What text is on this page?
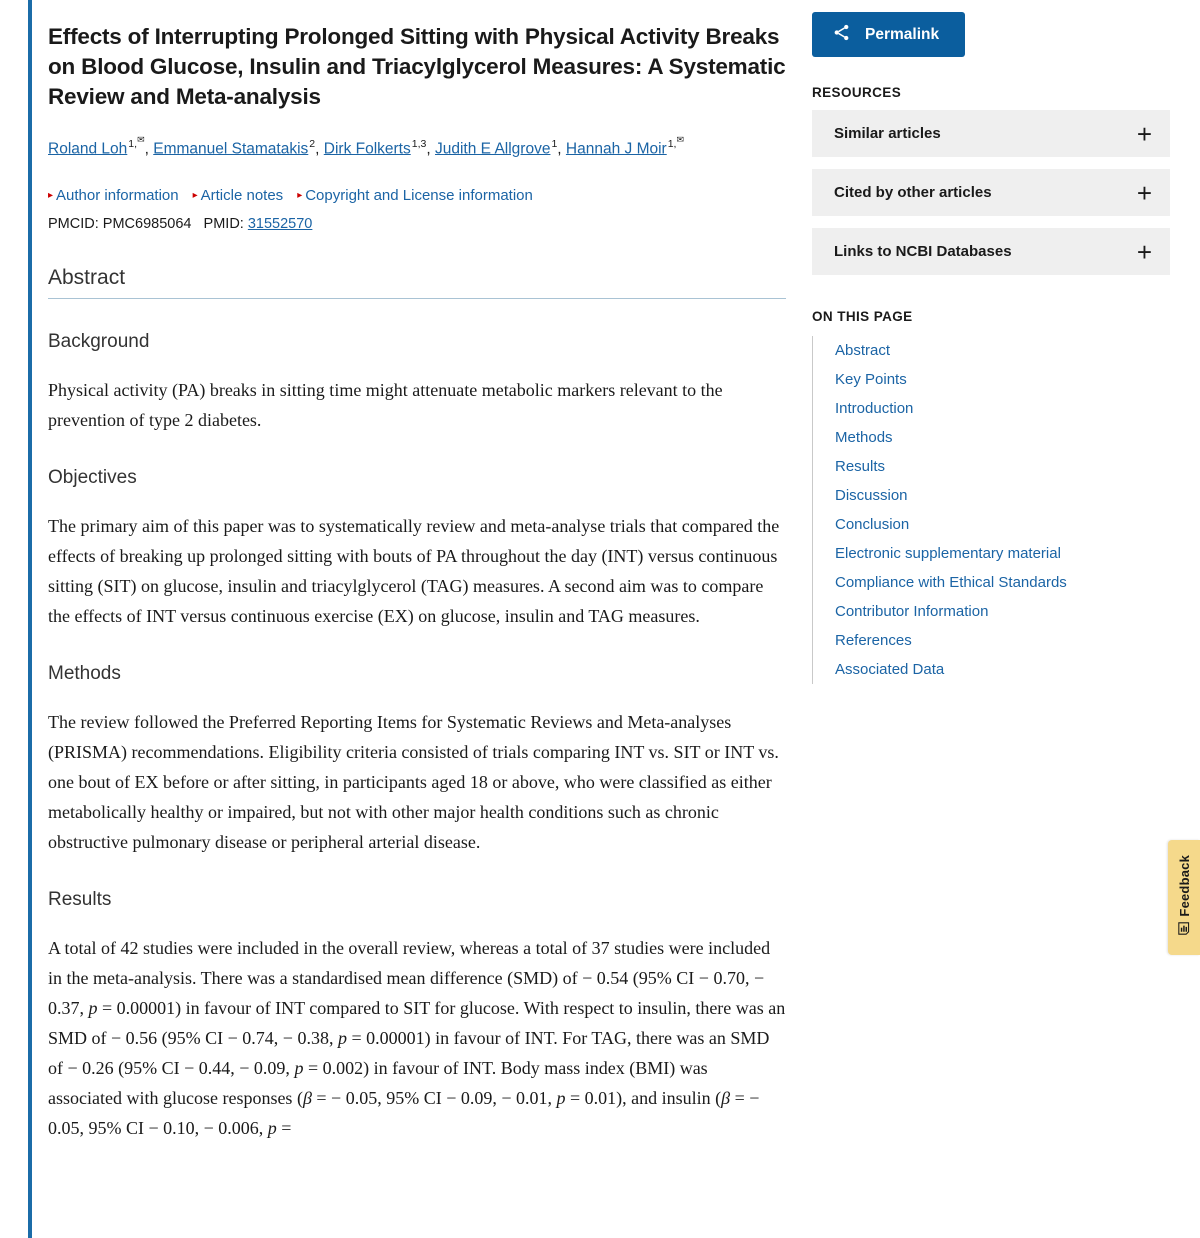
Effects of Interrupting Prolonged Sitting with Physical Activity Breaks on Blood Glucose, Insulin and Triacylglycerol Measures: A Systematic Review and Meta-analysis
Roland Loh$^{1,✉}$, Emmanuel Stamatakis$^2$, Dirk Folkerts$^{1,3}$, Judith E Allgrove$^1$, Hannah J Moir$^{1,✉}$
▸ Author information ▸ Article notes ▸ Copyright and License information
PMCID: PMC6985064 PMID: 31552570
Abstract
Background

Physical activity (PA) breaks in sitting time might attenuate metabolic markers relevant to the prevention of type 2 diabetes.

Objectives

The primary aim of this paper was to systematically review and meta-analyse trials that compared the effects of breaking up prolonged sitting with bouts of PA throughout the day (INT) versus continuous sitting (SIT) on glucose, insulin and triacylglycerol (TAG) measures. A second aim was to compare the effects of INT versus continuous exercise (EX) on glucose, insulin and TAG measures.

Methods

The review followed the Preferred Reporting Items for Systematic Reviews and Meta-analyses (PRISMA) recommendations. Eligibility criteria consisted of trials comparing INT vs. SIT or INT vs. one bout of EX before or after sitting, in participants aged 18 or above, who were classified as either metabolically healthy or impaired, but not with other major health conditions such as chronic obstructive pulmonary disease or peripheral arterial disease.

Results

A total of 42 studies were included in the overall review, whereas a total of 37 studies were included in the meta-analysis. There was a standardised mean difference (SMD) of − 0.54 (95% CI − 0.70, − 0.37, p = 0.00001) in favour of INT compared to SIT for glucose. With respect to insulin, there was an SMD of − 0.56 (95% CI − 0.74, − 0.38, p = 0.00001) in favour of INT. For TAG, there was an SMD of − 0.26 (95% CI − 0.44, − 0.09, p = 0.002) in favour of INT. Body mass index (BMI) was associated with glucose responses (β = − 0.05, 95% CI − 0.09, − 0.01, p = 0.01), and insulin (β = − 0.05, 95% CI − 0.10, − 0.006, p =

Permalink
RESOURCES
Similar articles	+
Cited by other articles	+
Links to NCBI Databases	+
ON THIS PAGE
Abstract
Key Points
Introduction
Methods
Results
Discussion
Conclusion
Electronic supplementary material
Compliance with Ethical Standards
Contributor Information
References
Associated Data
Feedback
